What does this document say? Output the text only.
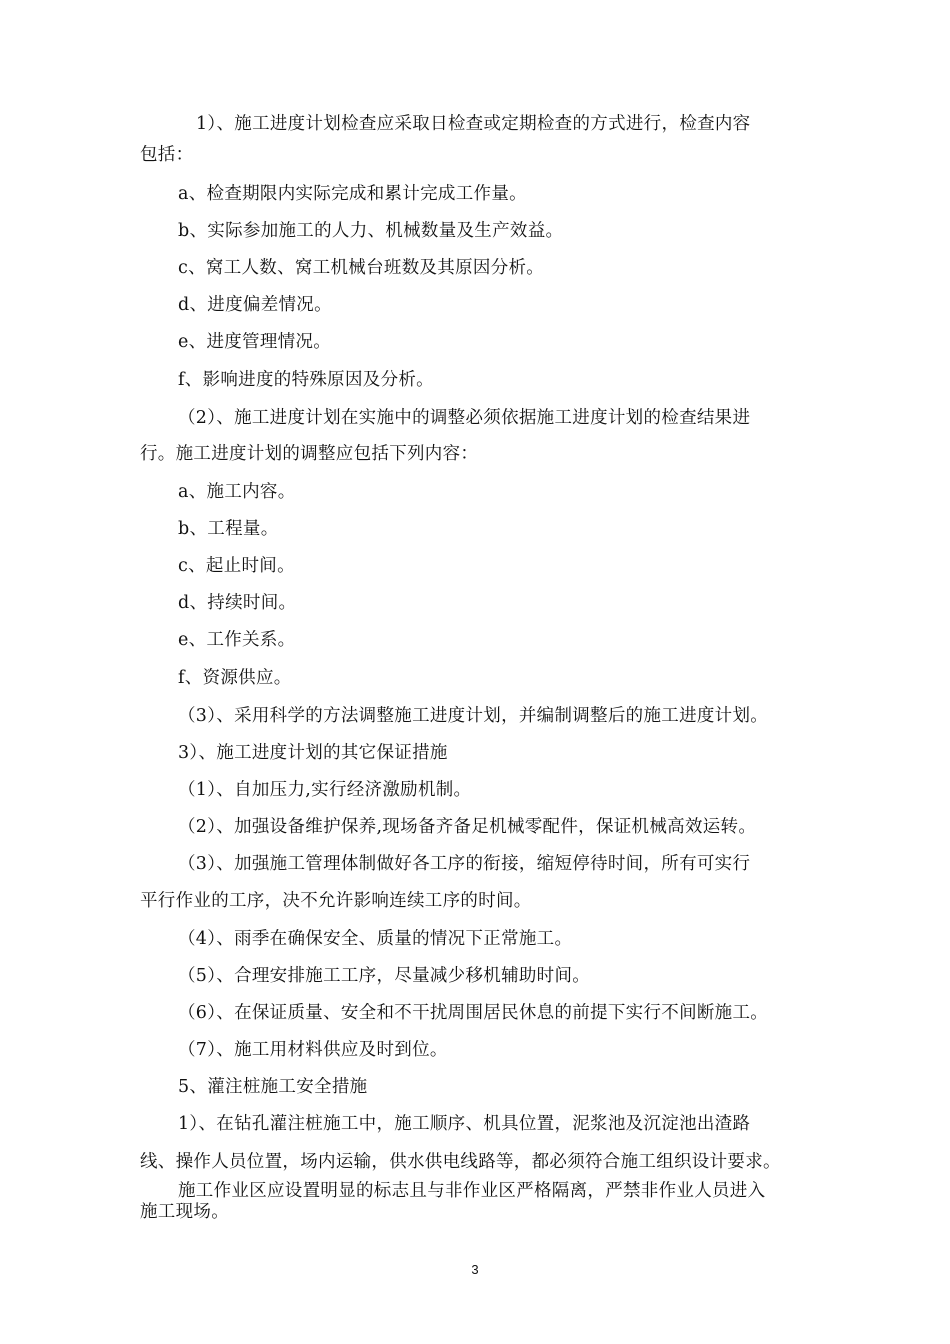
1）、施工进度计划检查应采取日检查或定期检查的方式进行，检查内容
包括：
a、检查期限内实际完成和累计完成工作量。
b、实际参加施工的人力、机械数量及生产效益。
c、窝工人数、窝工机械台班数及其原因分析。
d、进度偏差情况。
e、进度管理情况。
f、影响进度的特殊原因及分析。
（2）、施工进度计划在实施中的调整必须依据施工进度计划的检查结果进
行。施工进度计划的调整应包括下列内容：
a、施工内容。
b、工程量。
c、起止时间。
d、持续时间。
e、工作关系。
f、资源供应。
（3）、采用科学的方法调整施工进度计划，并编制调整后的施工进度计划。
3）、施工进度计划的其它保证措施
（1）、自加压力,实行经济激励机制。
（2）、加强设备维护保养,现场备齐备足机械零配件，保证机械高效运转。
（3）、加强施工管理体制做好各工序的衔接，缩短停待时间，所有可实行
平行作业的工序，决不允许影响连续工序的时间。
（4）、雨季在确保安全、质量的情况下正常施工。
（5）、合理安排施工工序，尽量减少移机辅助时间。
（6）、在保证质量、安全和不干扰周围居民休息的前提下实行不间断施工。
（7）、施工用材料供应及时到位。
5、灌注桩施工安全措施
1）、在钻孔灌注桩施工中，施工顺序、机具位置，泥浆池及沉淀池出渣路
线、操作人员位置，场内运输，供水供电线路等，都必须符合施工组织设计要求。
施工作业区应设置明显的标志且与非作业区严格隔离，严禁非作业人员进入
施工现场。
3
